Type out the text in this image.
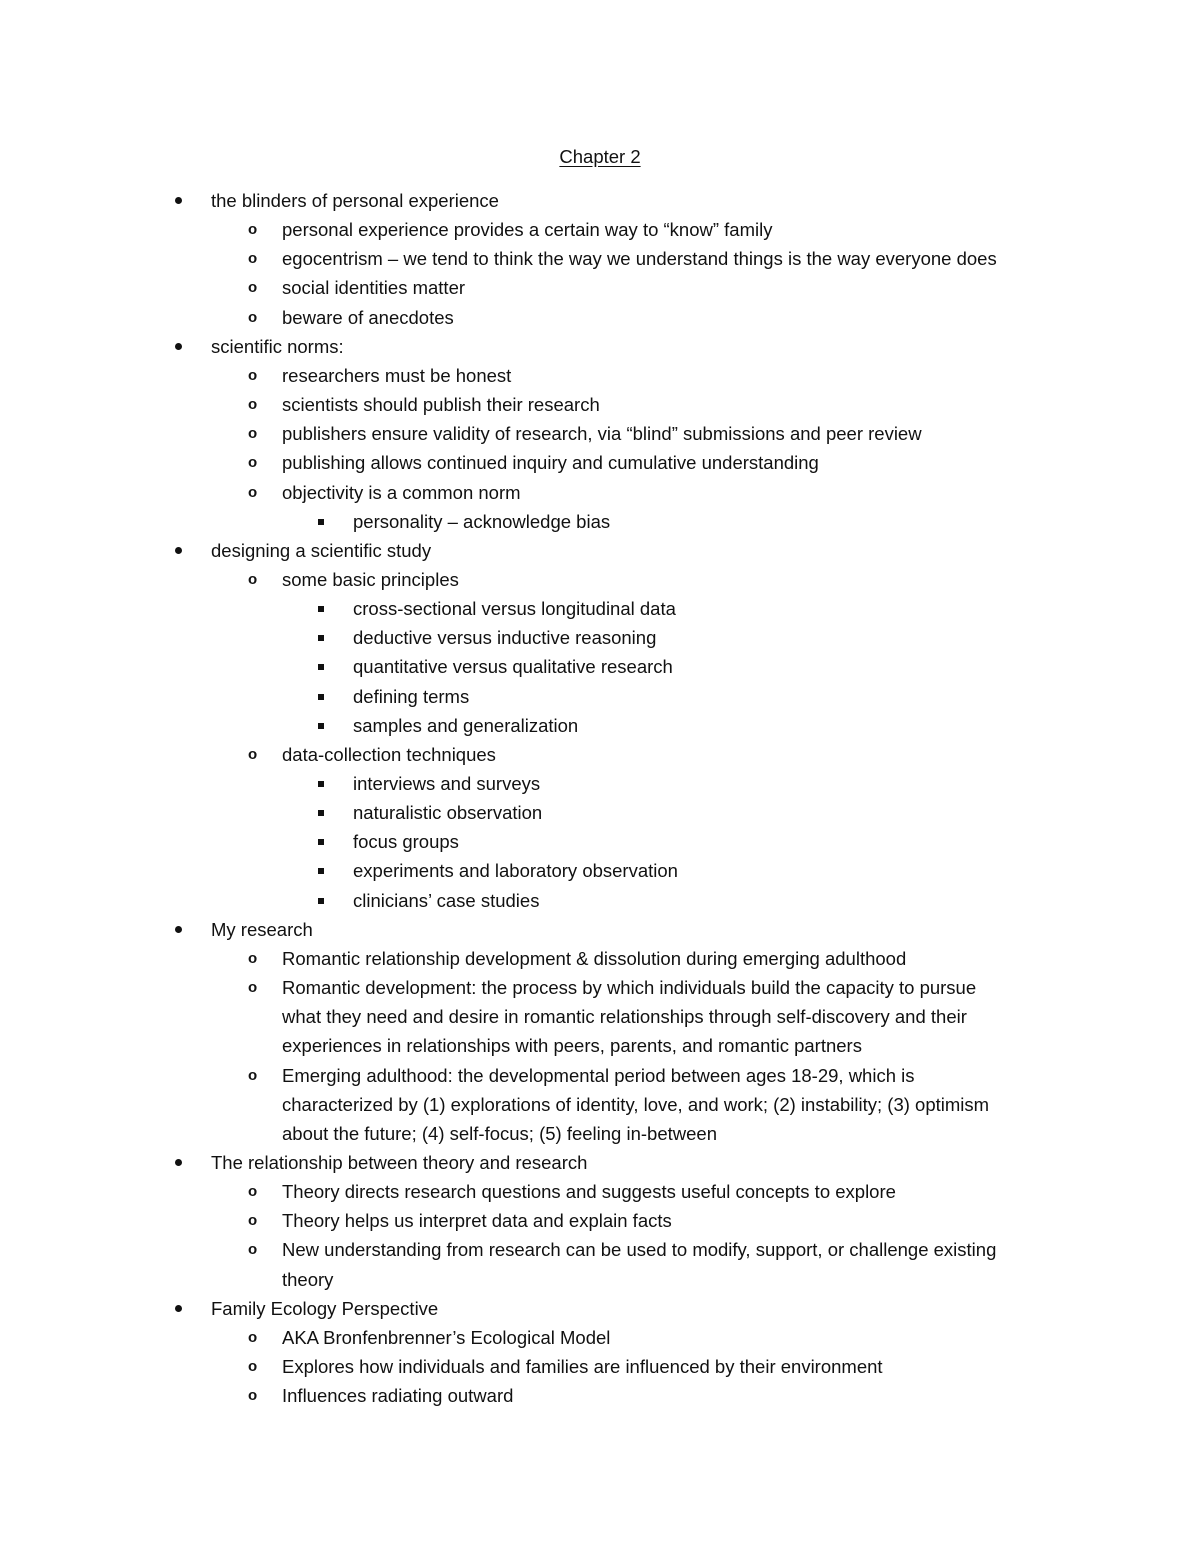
Chapter 2
the blinders of personal experience
o personal experience provides a certain way to “know” family
o egocentrism – we tend to think the way we understand things is the way everyone does
o social identities matter
o beware of anecdotes
scientific norms:
o researchers must be honest
o scientists should publish their research
o publishers ensure validity of research, via “blind” submissions and peer review
o publishing allows continued inquiry and cumulative understanding
o objectivity is a common norm
personality – acknowledge bias
designing a scientific study
o some basic principles
cross-sectional versus longitudinal data
deductive versus inductive reasoning
quantitative versus qualitative research
defining terms
samples and generalization
o data-collection techniques
interviews and surveys
naturalistic observation
focus groups
experiments and laboratory observation
clinicians’ case studies
My research
o Romantic relationship development & dissolution during emerging adulthood
o Romantic development: the process by which individuals build the capacity to pursue
what they need and desire in romantic relationships through self-discovery and their
experiences in relationships with peers, parents, and romantic partners
o Emerging adulthood: the developmental period between ages 18-29, which is
characterized by (1) explorations of identity, love, and work; (2) instability; (3) optimism
about the future; (4) self-focus; (5) feeling in-between
The relationship between theory and research
o Theory directs research questions and suggests useful concepts to explore
o Theory helps us interpret data and explain facts
o New understanding from research can be used to modify, support, or challenge existing
theory
Family Ecology Perspective
o AKA Bronfenbrenner’s Ecological Model
o Explores how individuals and families are influenced by their environment
o Influences radiating outward
